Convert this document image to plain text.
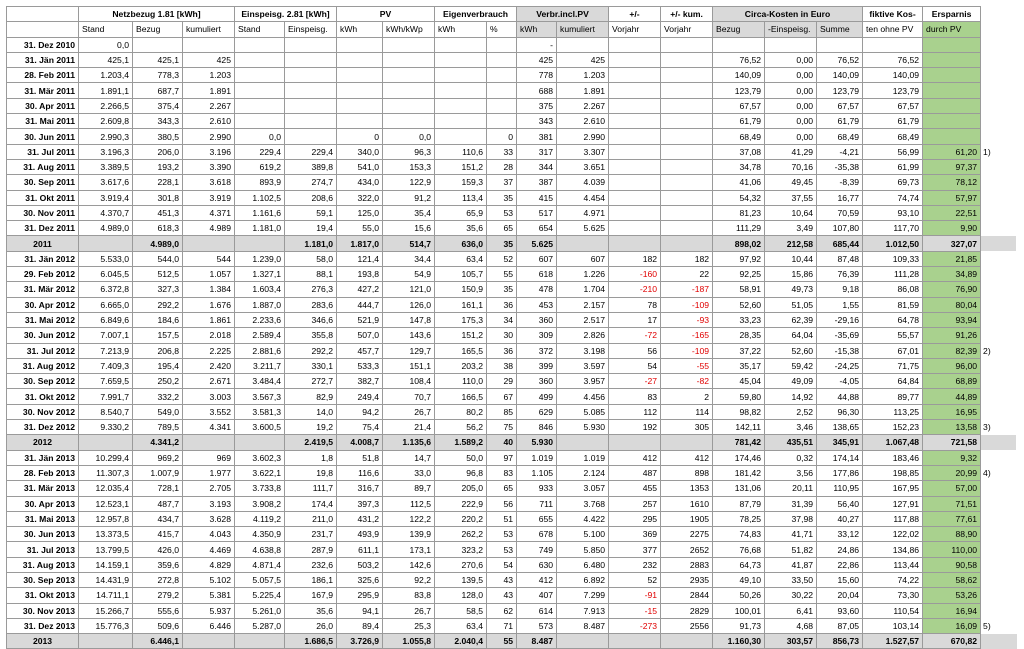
	Netzbezug 1.81 [kWh]			Einspeisg. 2.81 [kWh]		PV		Eigenverbrauch		Verbr.incl.PV		+/-	+/- kum.	Circa-Kosten in Euro			fiktive Kos-	Ersparnis	
	Stand	Bezug	kumuliert	Stand	Einspeisg.	kWh	kWh/kWp	kWh	%	kWh	kumuliert	Vorjahr	Vorjahr	Bezug	-Einspeisg.	Summe	ten ohne PV	durch PV	
31. Dez 2010	0,0									-									
31. Jän 2011	425,1	425,1	425							425	425			76,52	0,00	76,52	76,52		
28. Feb 2011	1.203,4	778,3	1.203							778	1.203			140,09	0,00	140,09	140,09		
31. Mär 2011	1.891,1	687,7	1.891							688	1.891			123,79	0,00	123,79	123,79		
30. Apr 2011	2.266,5	375,4	2.267							375	2.267			67,57	0,00	67,57	67,57		
31. Mai 2011	2.609,8	343,3	2.610							343	2.610			61,79	0,00	61,79	61,79		
30. Jun 2011	2.990,3	380,5	2.990	0,0		0	0,0		0	381	2.990			68,49	0,00	68,49	68,49		
31. Jul 2011	3.196,3	206,0	3.196	229,4	229,4	340,0	96,3	110,6	33	317	3.307			37,08	41,29	-4,21	56,99	61,20	1)
31. Aug 2011	3.389,5	193,2	3.390	619,2	389,8	541,0	153,3	151,2	28	344	3.651			34,78	70,16	-35,38	61,99	97,37	
30. Sep 2011	3.617,6	228,1	3.618	893,9	274,7	434,0	122,9	159,3	37	387	4.039			41,06	49,45	-8,39	69,73	78,12	
31. Okt 2011	3.919,4	301,8	3.919	1.102,5	208,6	322,0	91,2	113,4	35	415	4.454			54,32	37,55	16,77	74,74	57,97	
30. Nov 2011	4.370,7	451,3	4.371	1.161,6	59,1	125,0	35,4	65,9	53	517	4.971			81,23	10,64	70,59	93,10	22,51	
31. Dez 2011	4.989,0	618,3	4.989	1.181,0	19,4	55,0	15,6	35,6	65	654	5.625			111,29	3,49	107,80	117,70	9,90	
2011		4.989,0			1.181,0	1.817,0	514,7	636,0	35	5.625				898,02	212,58	685,44	1.012,50	327,07	
31. Jän 2012	5.533,0	544,0	544	1.239,0	58,0	121,4	34,4	63,4	52	607	607	182	182	97,92	10,44	87,48	109,33	21,85	
29. Feb 2012	6.045,5	512,5	1.057	1.327,1	88,1	193,8	54,9	105,7	55	618	1.226	-160	22	92,25	15,86	76,39	111,28	34,89	
31. Mär 2012	6.372,8	327,3	1.384	1.603,4	276,3	427,2	121,0	150,9	35	478	1.704	-210	-187	58,91	49,73	9,18	86,08	76,90	
30. Apr 2012	6.665,0	292,2	1.676	1.887,0	283,6	444,7	126,0	161,1	36	453	2.157	78	-109	52,60	51,05	1,55	81,59	80,04	
31. Mai 2012	6.849,6	184,6	1.861	2.233,6	346,6	521,9	147,8	175,3	34	360	2.517	17	-93	33,23	62,39	-29,16	64,78	93,94	
30. Jun 2012	7.007,1	157,5	2.018	2.589,4	355,8	507,0	143,6	151,2	30	309	2.826	-72	-165	28,35	64,04	-35,69	55,57	91,26	
31. Jul 2012	7.213,9	206,8	2.225	2.881,6	292,2	457,7	129,7	165,5	36	372	3.198	56	-109	37,22	52,60	-15,38	67,01	82,39	2)
31. Aug 2012	7.409,3	195,4	2.420	3.211,7	330,1	533,3	151,1	203,2	38	399	3.597	54	-55	35,17	59,42	-24,25	71,75	96,00	
30. Sep 2012	7.659,5	250,2	2.671	3.484,4	272,7	382,7	108,4	110,0	29	360	3.957	-27	-82	45,04	49,09	-4,05	64,84	68,89	
31. Okt 2012	7.991,7	332,2	3.003	3.567,3	82,9	249,4	70,7	166,5	67	499	4.456	83	2	59,80	14,92	44,88	89,77	44,89	
30. Nov 2012	8.540,7	549,0	3.552	3.581,3	14,0	94,2	26,7	80,2	85	629	5.085	112	114	98,82	2,52	96,30	113,25	16,95	
31. Dez 2012	9.330,2	789,5	4.341	3.600,5	19,2	75,4	21,4	56,2	75	846	5.930	192	305	142,11	3,46	138,65	152,23	13,58	3)
2012		4.341,2			2.419,5	4.008,7	1.135,6	1.589,2	40	5.930				781,42	435,51	345,91	1.067,48	721,58	
31. Jän 2013	10.299,4	969,2	969	3.602,3	1,8	51,8	14,7	50,0	97	1.019	1.019	412	412	174,46	0,32	174,14	183,46	9,32	
28. Feb 2013	11.307,3	1.007,9	1.977	3.622,1	19,8	116,6	33,0	96,8	83	1.105	2.124	487	898	181,42	3,56	177,86	198,85	20,99	4)
31. Mär 2013	12.035,4	728,1	2.705	3.733,8	111,7	316,7	89,7	205,0	65	933	3.057	455	1353	131,06	20,11	110,95	167,95	57,00	
30. Apr 2013	12.523,1	487,7	3.193	3.908,2	174,4	397,3	112,5	222,9	56	711	3.768	257	1610	87,79	31,39	56,40	127,91	71,51	
31. Mai 2013	12.957,8	434,7	3.628	4.119,2	211,0	431,2	122,2	220,2	51	655	4.422	295	1905	78,25	37,98	40,27	117,88	77,61	
30. Jun 2013	13.373,5	415,7	4.043	4.350,9	231,7	493,9	139,9	262,2	53	678	5.100	369	2275	74,83	41,71	33,12	122,02	88,90	
31. Jul 2013	13.799,5	426,0	4.469	4.638,8	287,9	611,1	173,1	323,2	53	749	5.850	377	2652	76,68	51,82	24,86	134,86	110,00	
31. Aug 2013	14.159,1	359,6	4.829	4.871,4	232,6	503,2	142,6	270,6	54	630	6.480	232	2883	64,73	41,87	22,86	113,44	90,58	
30. Sep 2013	14.431,9	272,8	5.102	5.057,5	186,1	325,6	92,2	139,5	43	412	6.892	52	2935	49,10	33,50	15,60	74,22	58,62	
31. Okt 2013	14.711,1	279,2	5.381	5.225,4	167,9	295,9	83,8	128,0	43	407	7.299	-91	2844	50,26	30,22	20,04	73,30	53,26	
30. Nov 2013	15.266,7	555,6	5.937	5.261,0	35,6	94,1	26,7	58,5	62	614	7.913	-15	2829	100,01	6,41	93,60	110,54	16,94	
31. Dez 2013	15.776,3	509,6	6.446	5.287,0	26,0	89,4	25,3	63,4	71	573	8.487	-273	2556	91,73	4,68	87,05	103,14	16,09	5)
2013		6.446,1			1.686,5	3.726,9	1.055,8	2.040,4	55	8.487				1.160,30	303,57	856,73	1.527,57	670,82	
